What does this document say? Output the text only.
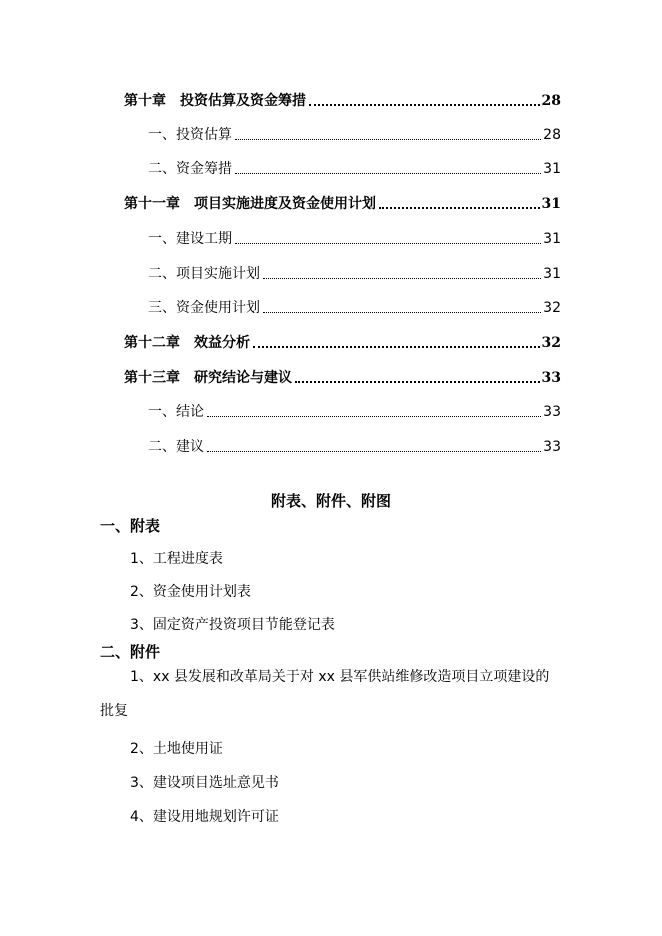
第十章　投资估算及资金筹措	28
一、投资估算	28
二、资金筹措	31
第十一章　项目实施进度及资金使用计划	31
一、建设工期	31
二、项目实施计划	31
三、资金使用计划	32
第十二章　效益分析	32
第十三章　研究结论与建议	33
一、结论	33
二、建议	33
附表、附件、附图
一、附表
1、工程进度表
2、资金使用计划表
3、固定资产投资项目节能登记表
二、附件
1、xx 县发展和改革局关于对 xx 县军供站维修改造项目立项建设的批复
2、土地使用证
3、建设项目选址意见书
4、建设用地规划许可证
